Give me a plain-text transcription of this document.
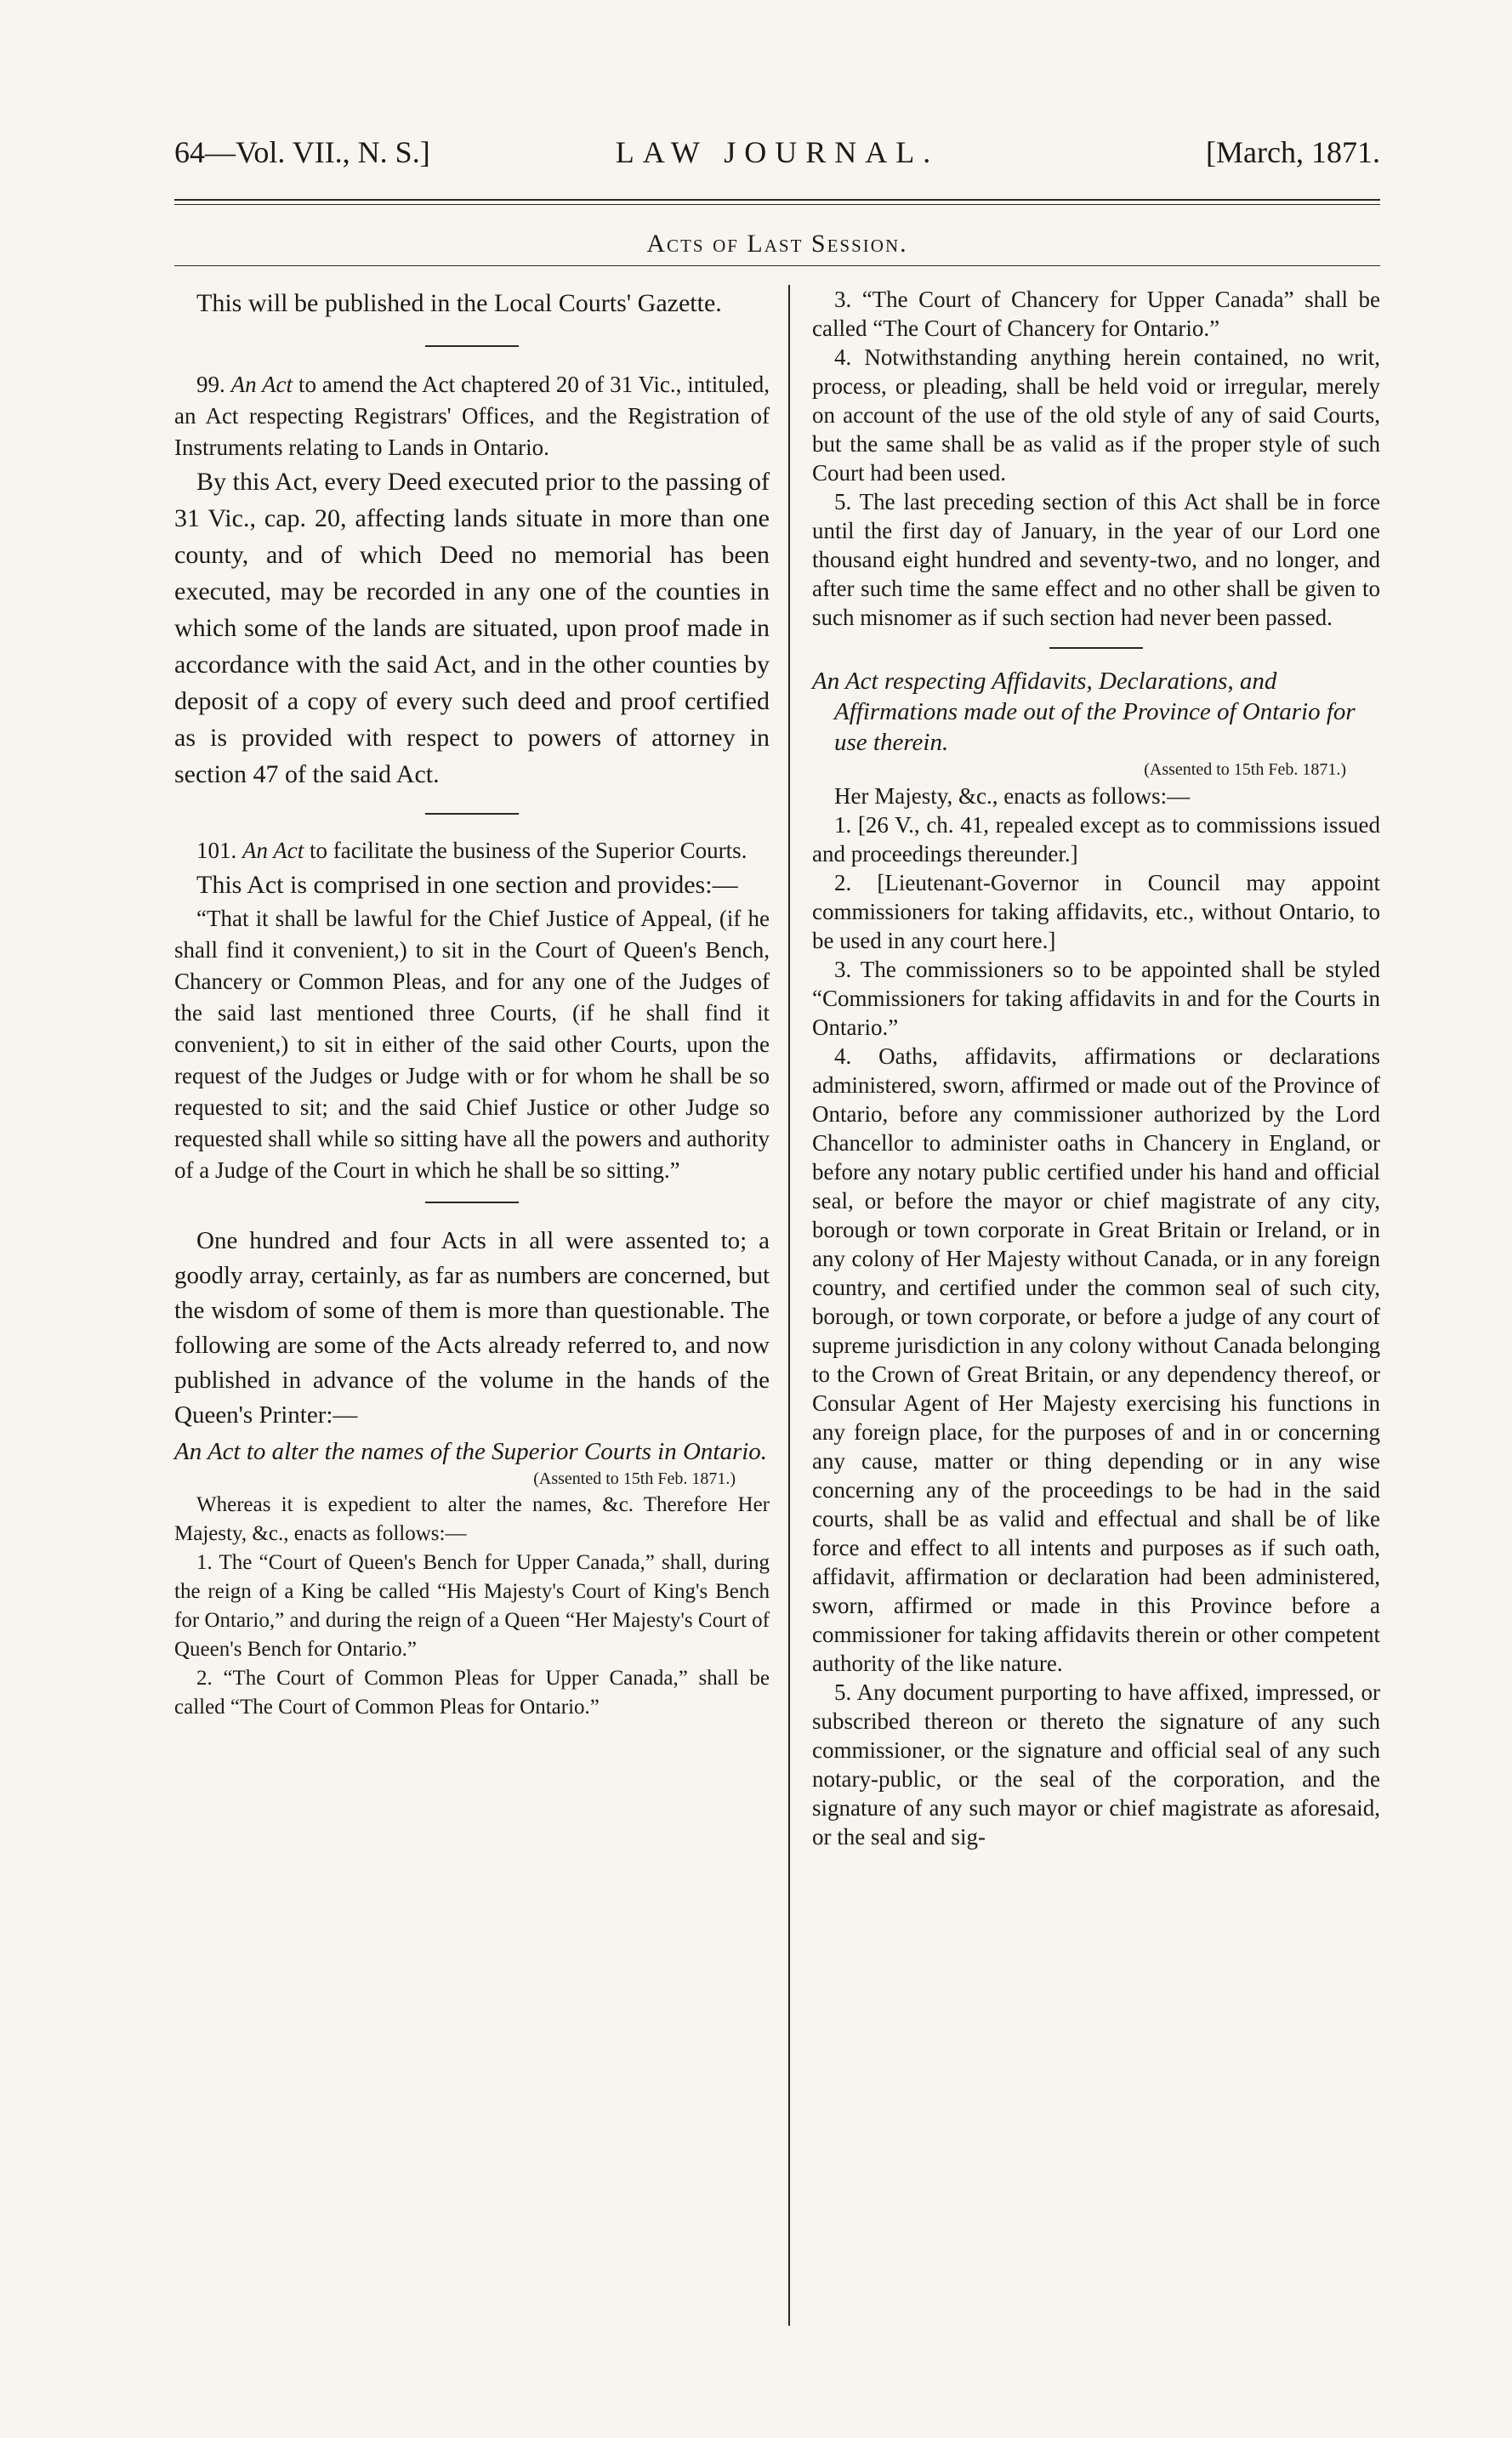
64—Vol. VII., N. S.]	LAW JOURNAL.	[March, 1871.
Acts of Last Session.

This will be published in the Local Courts' Gazette.

99. An Act to amend the Act chaptered 20 of 31 Vic., intituled, an Act respecting Registrars' Offices, and the Registration of Instruments relating to Lands in Ontario.

By this Act, every Deed executed prior to the passing of 31 Vic., cap. 20, affecting lands situate in more than one county, and of which Deed no memorial has been executed, may be recorded in any one of the counties in which some of the lands are situated, upon proof made in accordance with the said Act, and in the other counties by deposit of a copy of every such deed and proof certified as is provided with respect to powers of attorney in section 47 of the said Act.

101. An Act to facilitate the business of the Superior Courts.

This Act is comprised in one section and provides:—

“That it shall be lawful for the Chief Justice of Appeal, (if he shall find it convenient,) to sit in the Court of Queen's Bench, Chancery or Common Pleas, and for any one of the Judges of the said last mentioned three Courts, (if he shall find it convenient,) to sit in either of the said other Courts, upon the request of the Judges or Judge with or for whom he shall be so requested to sit; and the said Chief Justice or other Judge so requested shall while so sitting have all the powers and authority of a Judge of the Court in which he shall be so sitting.”

One hundred and four Acts in all were assented to; a goodly array, certainly, as far as numbers are concerned, but the wisdom of some of them is more than questionable. The following are some of the Acts already referred to, and now published in advance of the volume in the hands of the Queen's Printer:—

An Act to alter the names of the Superior Courts in Ontario.

(Assented to 15th Feb. 1871.)

Whereas it is expedient to alter the names, &c. Therefore Her Majesty, &c., enacts as follows:—

1. The “Court of Queen's Bench for Upper Canada,” shall, during the reign of a King be called “His Majesty's Court of King's Bench for Ontario,” and during the reign of a Queen “Her Majesty's Court of Queen's Bench for Ontario.”

2. “The Court of Common Pleas for Upper Canada,” shall be called “The Court of Common Pleas for Ontario.”

3. “The Court of Chancery for Upper Canada” shall be called “The Court of Chancery for Ontario.”

4. Notwithstanding anything herein contained, no writ, process, or pleading, shall be held void or irregular, merely on account of the use of the old style of any of said Courts, but the same shall be as valid as if the proper style of such Court had been used.

5. The last preceding section of this Act shall be in force until the first day of January, in the year of our Lord one thousand eight hundred and seventy-two, and no longer, and after such time the same effect and no other shall be given to such misnomer as if such section had never been passed.

An Act respecting Affidavits, Declarations, and Affirmations made out of the Province of Ontario for use therein.

(Assented to 15th Feb. 1871.)

Her Majesty, &c., enacts as follows:—

1. [26 V., ch. 41, repealed except as to commissions issued and proceedings thereunder.]

2. [Lieutenant-Governor in Council may appoint commissioners for taking affidavits, etc., without Ontario, to be used in any court here.]

3. The commissioners so to be appointed shall be styled “Commissioners for taking affidavits in and for the Courts in Ontario.”

4. Oaths, affidavits, affirmations or declarations administered, sworn, affirmed or made out of the Province of Ontario, before any commissioner authorized by the Lord Chancellor to administer oaths in Chancery in England, or before any notary public certified under his hand and official seal, or before the mayor or chief magistrate of any city, borough or town corporate in Great Britain or Ireland, or in any colony of Her Majesty without Canada, or in any foreign country, and certified under the common seal of such city, borough, or town corporate, or before a judge of any court of supreme jurisdiction in any colony without Canada belonging to the Crown of Great Britain, or any dependency thereof, or Consular Agent of Her Majesty exercising his functions in any foreign place, for the purposes of and in or concerning any cause, matter or thing depending or in any wise concerning any of the proceedings to be had in the said courts, shall be as valid and effectual and shall be of like force and effect to all intents and purposes as if such oath, affidavit, affirmation or declaration had been administered, sworn, affirmed or made in this Province before a commissioner for taking affidavits therein or other competent authority of the like nature.

5. Any document purporting to have affixed, impressed, or subscribed thereon or thereto the signature of any such commissioner, or the signature and official seal of any such notary-public, or the seal of the corporation, and the signature of any such mayor or chief magistrate as aforesaid, or the seal and sig-
